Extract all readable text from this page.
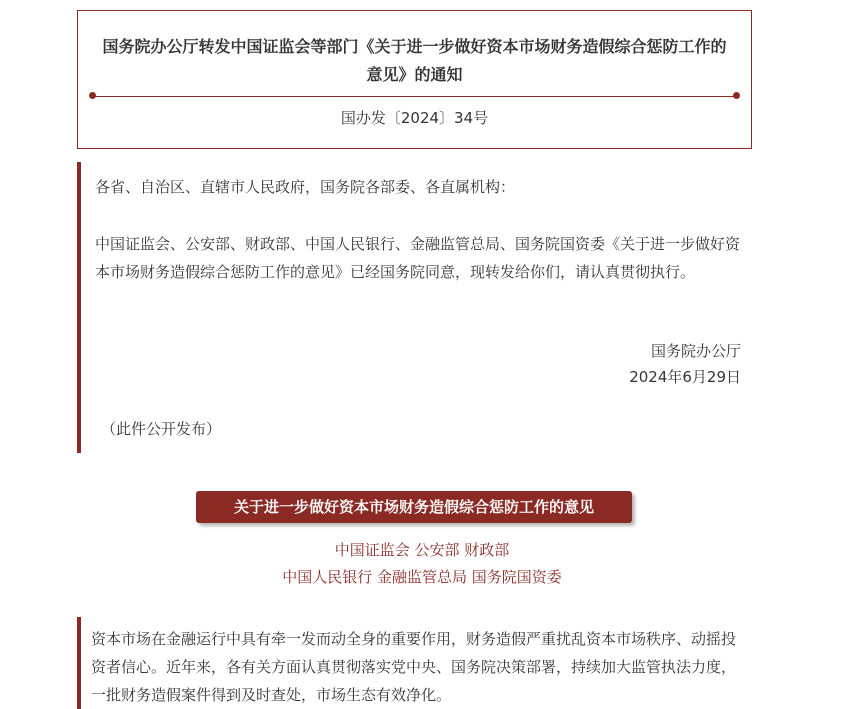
国务院办公厅转发中国证监会等部门《关于进一步做好资本市场财务造假综合惩防工作的意见》的通知
国办发〔2024〕34号
各省、自治区、直辖市人民政府，国务院各部委、各直属机构：
中国证监会、公安部、财政部、中国人民银行、金融监管总局、国务院国资委《关于进一步做好资本市场财务造假综合惩防工作的意见》已经国务院同意，现转发给你们，请认真贯彻执行。
国务院办公厅
2024年6月29日
（此件公开发布）
关于进一步做好资本市场财务造假综合惩防工作的意见
中国证监会 公安部 财政部
中国人民银行 金融监管总局 国务院国资委
资本市场在金融运行中具有牵一发而动全身的重要作用，财务造假严重扰乱资本市场秩序、动摇投资者信心。近年来，各有关方面认真贯彻落实党中央、国务院决策部署，持续加大监管执法力度，一批财务造假案件得到及时查处，市场生态有效净化。
